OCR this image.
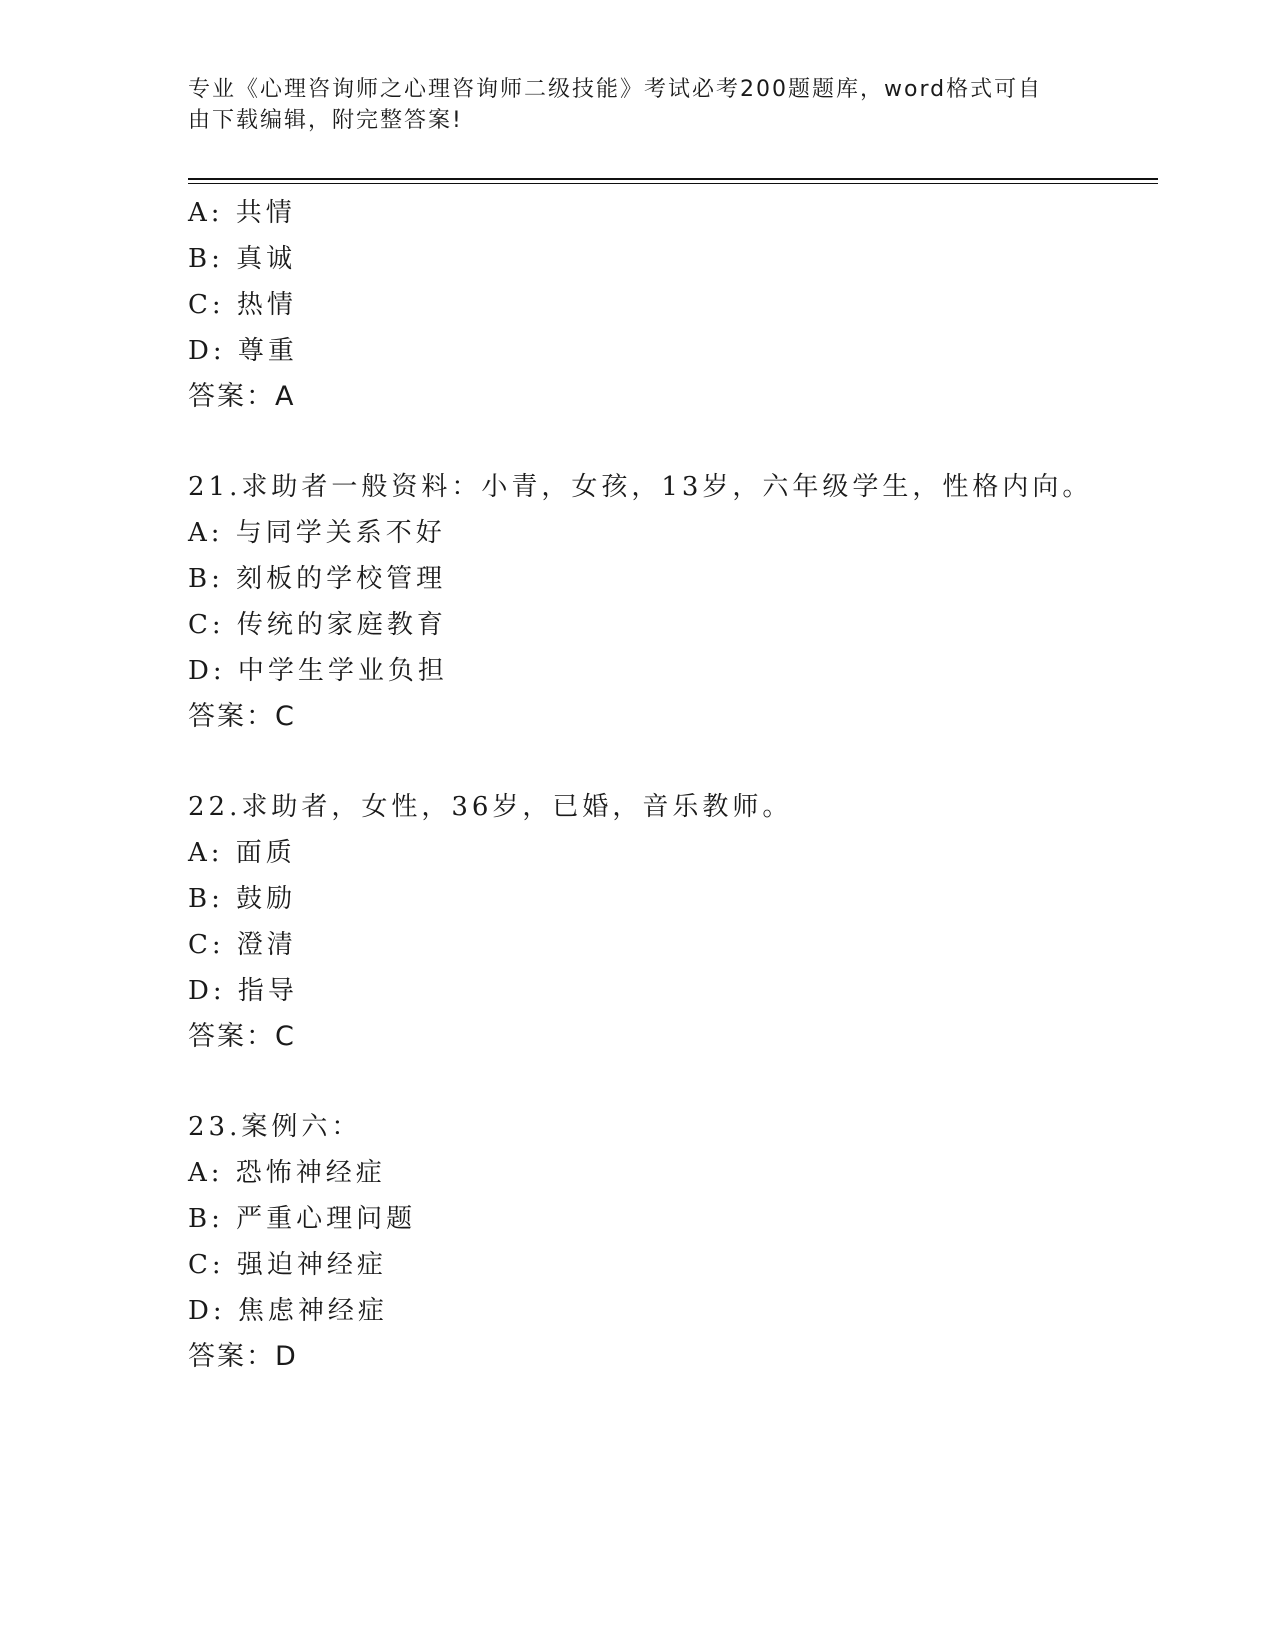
专业《心理咨询师之心理咨询师二级技能》考试必考200题题库，word格式可自
由下载编辑，附完整答案!
A: 共情
B: 真诚
C: 热情
D: 尊重
答案：A
21.求助者一般资料：小青，女孩，13岁，六年级学生，性格内向。
A: 与同学关系不好
B: 刻板的学校管理
C: 传统的家庭教育
D: 中学生学业负担
答案：C
22.求助者，女性，36岁，已婚，音乐教师。
A: 面质
B: 鼓励
C: 澄清
D: 指导
答案：C
23.案例六：
A: 恐怖神经症
B: 严重心理问题
C: 强迫神经症
D: 焦虑神经症
答案：D
